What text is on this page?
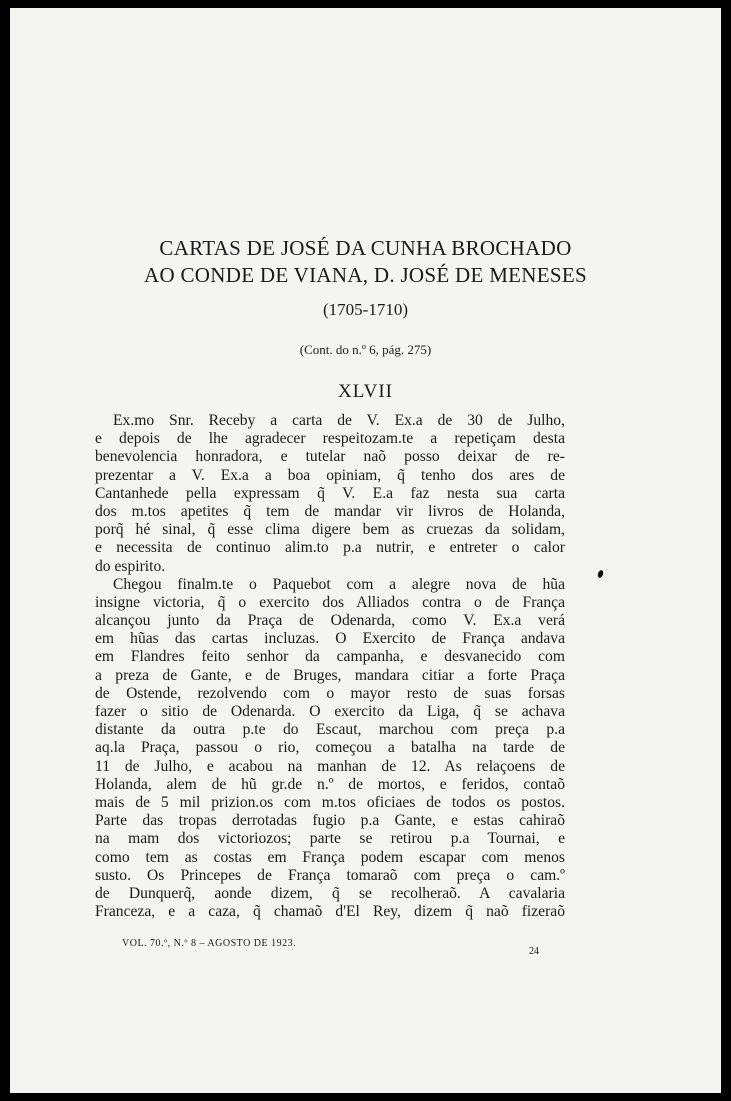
CARTAS DE JOSÉ DA CUNHA BROCHADO
AO CONDE DE VIANA, D. JOSÉ DE MENESES
(1705-1710)
(Cont. do n.º 6, pág. 275)
XLVII
Ex.mo Snr. Receby a carta de V. Ex.a de 30 de Julho,
e depois de lhe agradecer respeitozam.te a repetiçam desta
benevolencia honradora, e tutelar naõ posso deixar de re-
prezentar a V. Ex.a a boa opiniam, q̃ tenho dos ares de
Cantanhede pella expressam q̃ V. E.a faz nesta sua carta
dos m.tos apetites q̃ tem de mandar vir livros de Holanda,
porq̃ hé sinal, q̃ esse clima digere bem as cruezas da solidam,
e necessita de continuo alim.to p.a nutrir, e entreter o calor
do espirito.
Chegou finalm.te o Paquebot com a alegre nova de hũa
insigne victoria, q̃ o exercito dos Alliados contra o de França
alcançou junto da Praça de Odenarda, como V. Ex.a verá
em hũas das cartas incluzas. O Exercito de França andava
em Flandres feito senhor da campanha, e desvanecido com
a preza de Gante, e de Bruges, mandara citiar a forte Praça
de Ostende, rezolvendo com o mayor resto de suas forsas
fazer o sitio de Odenarda. O exercito da Liga, q̃ se achava
distante da outra p.te do Escaut, marchou com preça p.a
aq.la Praça, passou o rio, começou a batalha na tarde de
11 de Julho, e acabou na manhan de 12. As relaçoens de
Holanda, alem de hũ gr.de n.º de mortos, e feridos, contaõ
mais de 5 mil prizion.os com m.tos oficiaes de todos os postos.
Parte das tropas derrotadas fugio p.a Gante, e estas cahiraõ
na mam dos victoriozos; parte se retirou p.a Tournai, e
como tem as costas em França podem escapar com menos
susto. Os Princepes de França tomaraõ com preça o cam.º
de Dunquerq̃, aonde dizem, q̃ se recolheraõ. A cavalaria
Franceza, e a caza, q̃ chamaõ d'El Rey, dizem q̃ naõ fizeraõ
VOL. 70.º, N.º 8 – AGOSTO DE 1923.
24
